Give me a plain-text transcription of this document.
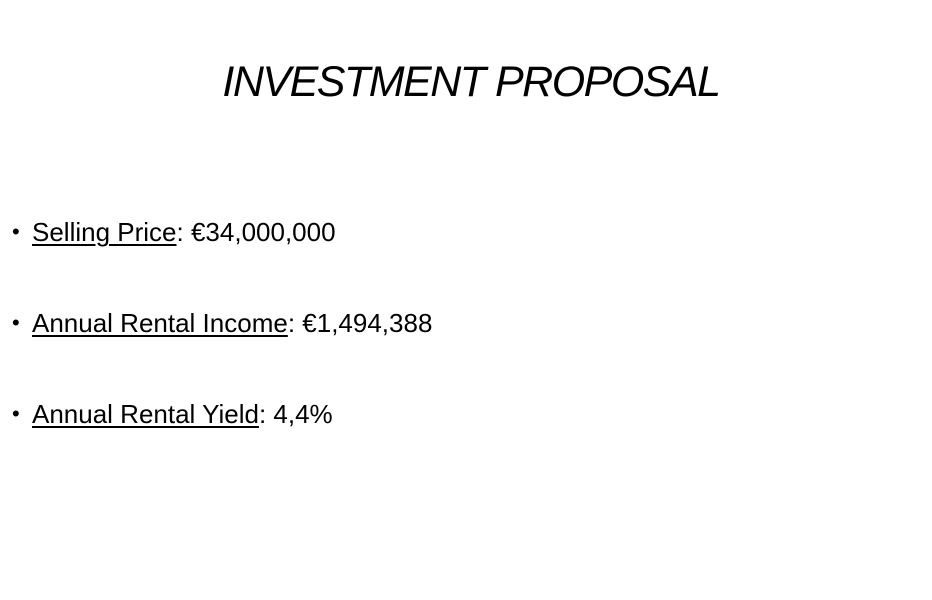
INVESTMENT PROPOSAL
• Selling Price: €34,000,000
• Annual Rental Income: €1,494,388
• Annual Rental Yield: 4,4%
